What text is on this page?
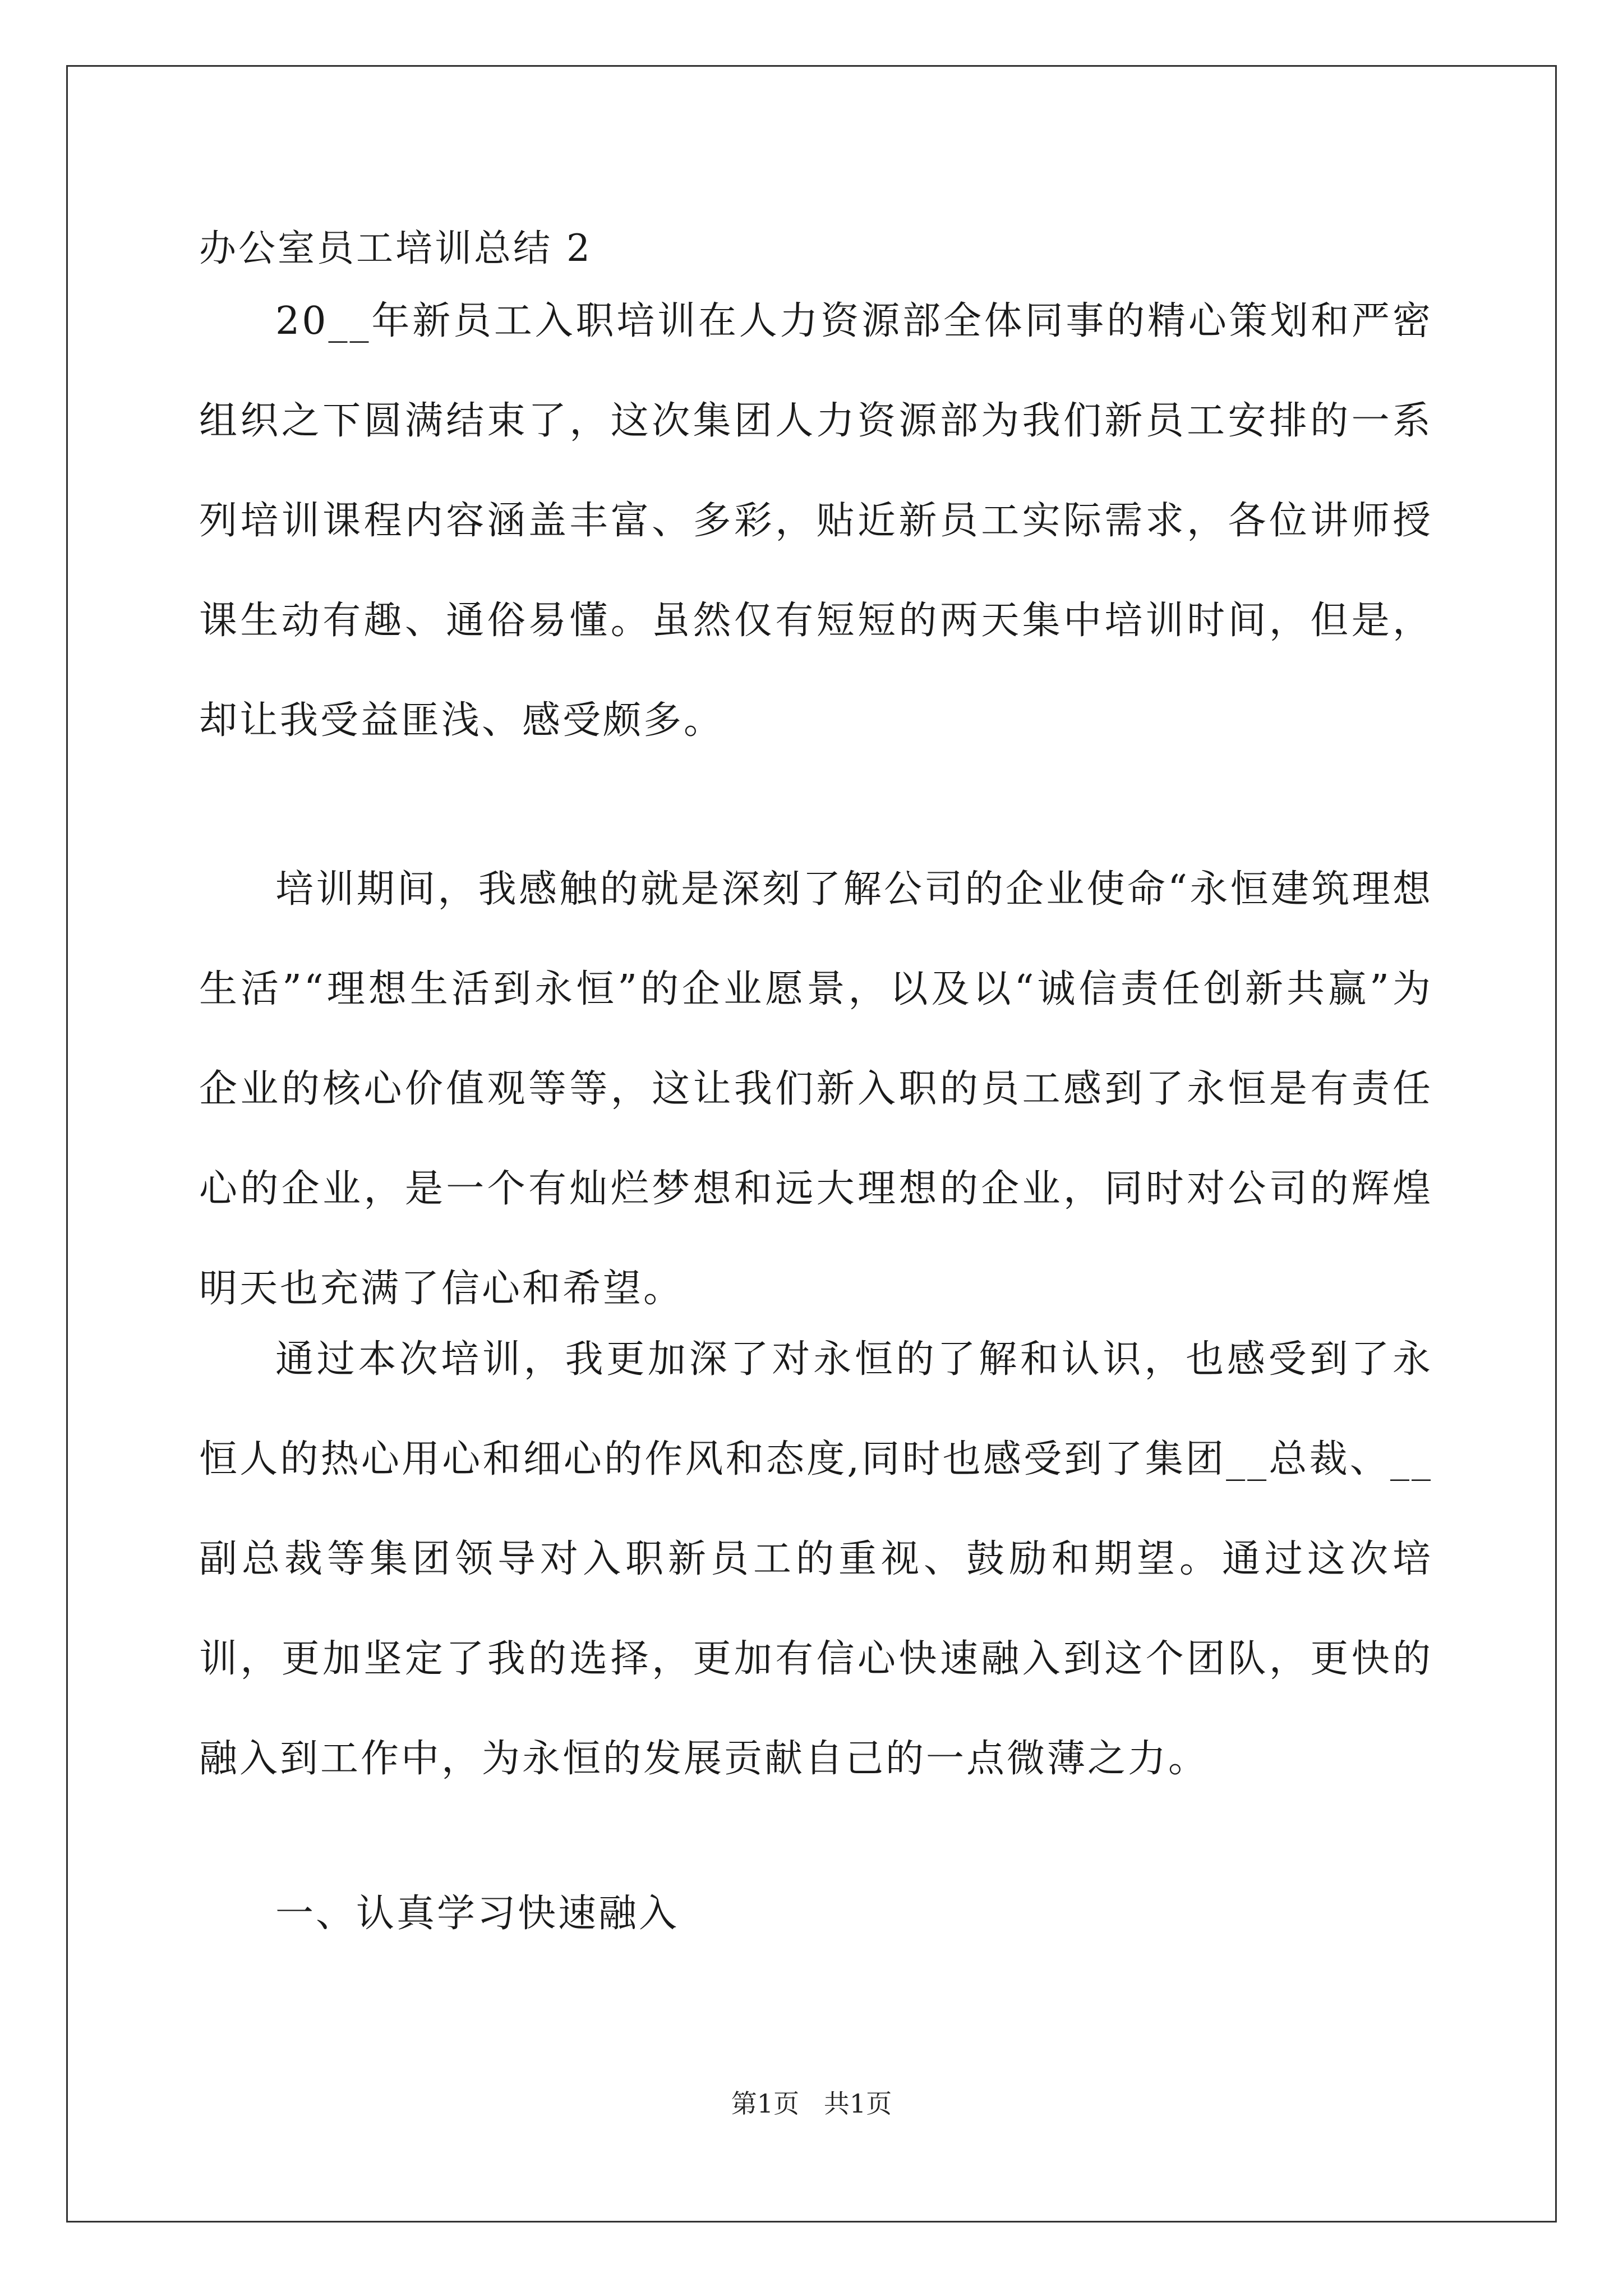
办公室员工培训总结 2

20__年新员工入职培训在人力资源部全体同事的精心策划和严密组织之下圆满结束了，这次集团人力资源部为我们新员工安排的一系列培训课程内容涵盖丰富、多彩，贴近新员工实际需求，各位讲师授课生动有趣、通俗易懂。虽然仅有短短的两天集中培训时间，但是，却让我受益匪浅、感受颇多。

培训期间，我感触的就是深刻了解公司的企业使命“永恒建筑理想生活”“理想生活到永恒”的企业愿景，以及以“诚信责任创新共赢”为企业的核心价值观等等，这让我们新入职的员工感到了永恒是有责任心的企业，是一个有灿烂梦想和远大理想的企业，同时对公司的辉煌明天也充满了信心和希望。

通过本次培训，我更加深了对永恒的了解和认识，也感受到了永恒人的热心用心和细心的作风和态度,同时也感受到了集团__总裁、__副总裁等集团领导对入职新员工的重视、鼓励和期望。通过这次培训，更加坚定了我的选择，更加有信心快速融入到这个团队，更快的融入到工作中，为永恒的发展贡献自己的一点微薄之力。

一、认真学习快速融入
第1页   共1页
